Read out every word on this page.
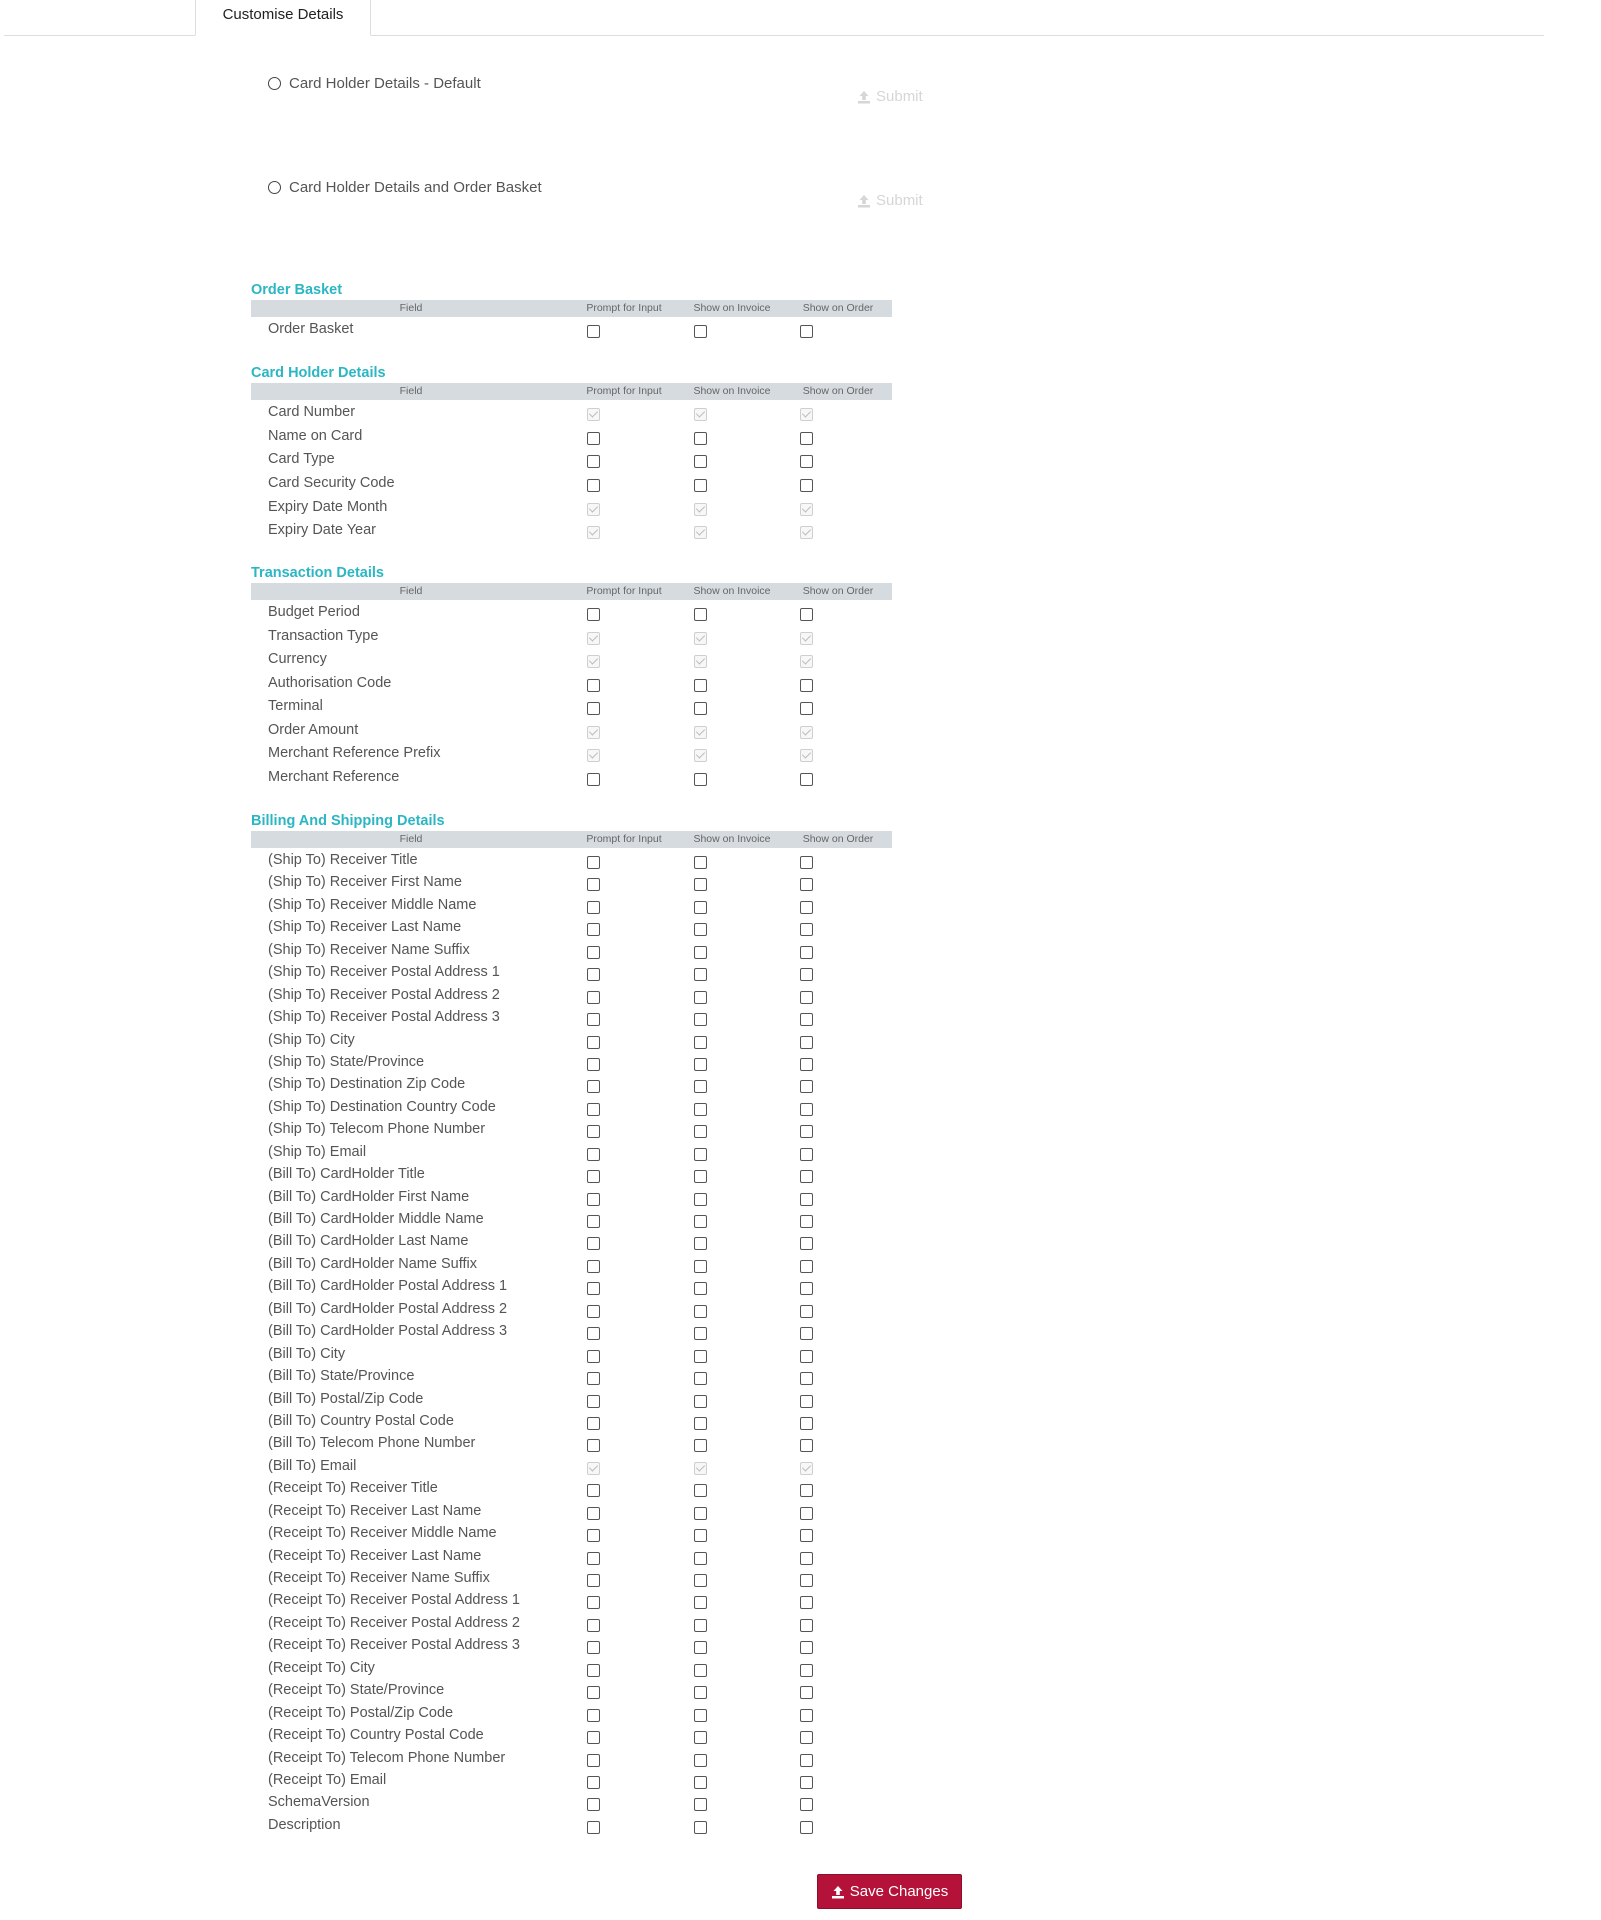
Customise Details
Card Holder Details - Default
Submit
Card Holder Details and Order Basket
Submit
Order Basket
Field	Prompt for Input	Show on Invoice	Show on Order
Order Basket
Card Holder Details
Field	Prompt for Input	Show on Invoice	Show on Order
Card Number
Name on Card
Card Type
Card Security Code
Expiry Date Month
Expiry Date Year
Transaction Details
Field	Prompt for Input	Show on Invoice	Show on Order
Budget Period
Transaction Type
Currency
Authorisation Code
Terminal
Order Amount
Merchant Reference Prefix
Merchant Reference
Billing And Shipping Details
Field	Prompt for Input	Show on Invoice	Show on Order
(Ship To) Receiver Title
(Ship To) Receiver First Name
(Ship To) Receiver Middle Name
(Ship To) Receiver Last Name
(Ship To) Receiver Name Suffix
(Ship To) Receiver Postal Address 1
(Ship To) Receiver Postal Address 2
(Ship To) Receiver Postal Address 3
(Ship To) City
(Ship To) State/Province
(Ship To) Destination Zip Code
(Ship To) Destination Country Code
(Ship To) Telecom Phone Number
(Ship To) Email
(Bill To) CardHolder Title
(Bill To) CardHolder First Name
(Bill To) CardHolder Middle Name
(Bill To) CardHolder Last Name
(Bill To) CardHolder Name Suffix
(Bill To) CardHolder Postal Address 1
(Bill To) CardHolder Postal Address 2
(Bill To) CardHolder Postal Address 3
(Bill To) City
(Bill To) State/Province
(Bill To) Postal/Zip Code
(Bill To) Country Postal Code
(Bill To) Telecom Phone Number
(Bill To) Email
(Receipt To) Receiver Title
(Receipt To) Receiver Last Name
(Receipt To) Receiver Middle Name
(Receipt To) Receiver Last Name
(Receipt To) Receiver Name Suffix
(Receipt To) Receiver Postal Address 1
(Receipt To) Receiver Postal Address 2
(Receipt To) Receiver Postal Address 3
(Receipt To) City
(Receipt To) State/Province
(Receipt To) Postal/Zip Code
(Receipt To) Country Postal Code
(Receipt To) Telecom Phone Number
(Receipt To) Email
SchemaVersion
Description
Save Changes
